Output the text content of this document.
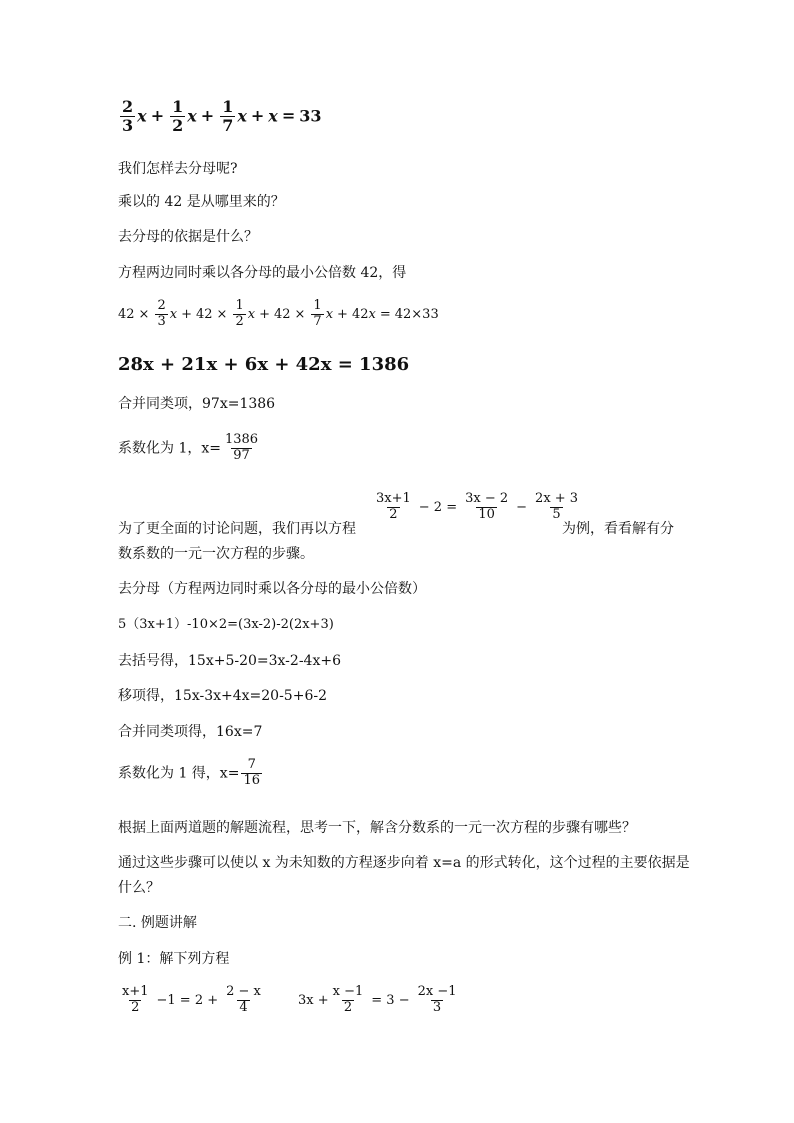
$\frac{2}{3}$ $x + \frac{1}{2}$ $x + \frac{1}{7}$ x + x = 33
我们怎样去分母呢?
乘以的 42 是从哪里来的？
去分母的依据是什么？
方程两边同时乘以各分母的最小公倍数 42，得
$42 \times \frac{2}{3}$ $x + 42 \times \frac{1}{2}$ $x + 42 \times \frac{1}{7}$ x + 42x = 42×33
28x + 21x + 6x + 42x = 1386
合并同类项，97x=1386
系数化为 1，$x= \frac{1386}{97}$
$\frac{3x+1}{2} - 2 = \frac{3x - 2}{10} - \frac{2x + 3}{5}$
为了更全面的讨论问题，我们再以方程	为例，看看解有分
数系数的一元一次方程的步骤。
去分母（方程两边同时乘以各分母的最小公倍数）
5（3x+1）-10×2=(3x-2)-2(2x+3)
去括号得，15x+5-20=3x-2-4x+6
移项得，15x-3x+4x=20-5+6-2
合并同类项得，16x=7
系数化为 1 得，$x= \frac{7}{16}$
根据上面两道题的解题流程，思考一下，解含分数系的一元一次方程的步骤有哪些？
通过这些步骤可以使以 x 为未知数的方程逐步向着 x=a 的形式转化，这个过程的主要依据是
什么？
二. 例题讲解
例 1：解下列方程
$\frac{x+1}{2} -1 = 2 + \frac{2 - x}{4}$	$3x + \frac{x -1}{2} = 3 - \frac{2x -1}{3}$
